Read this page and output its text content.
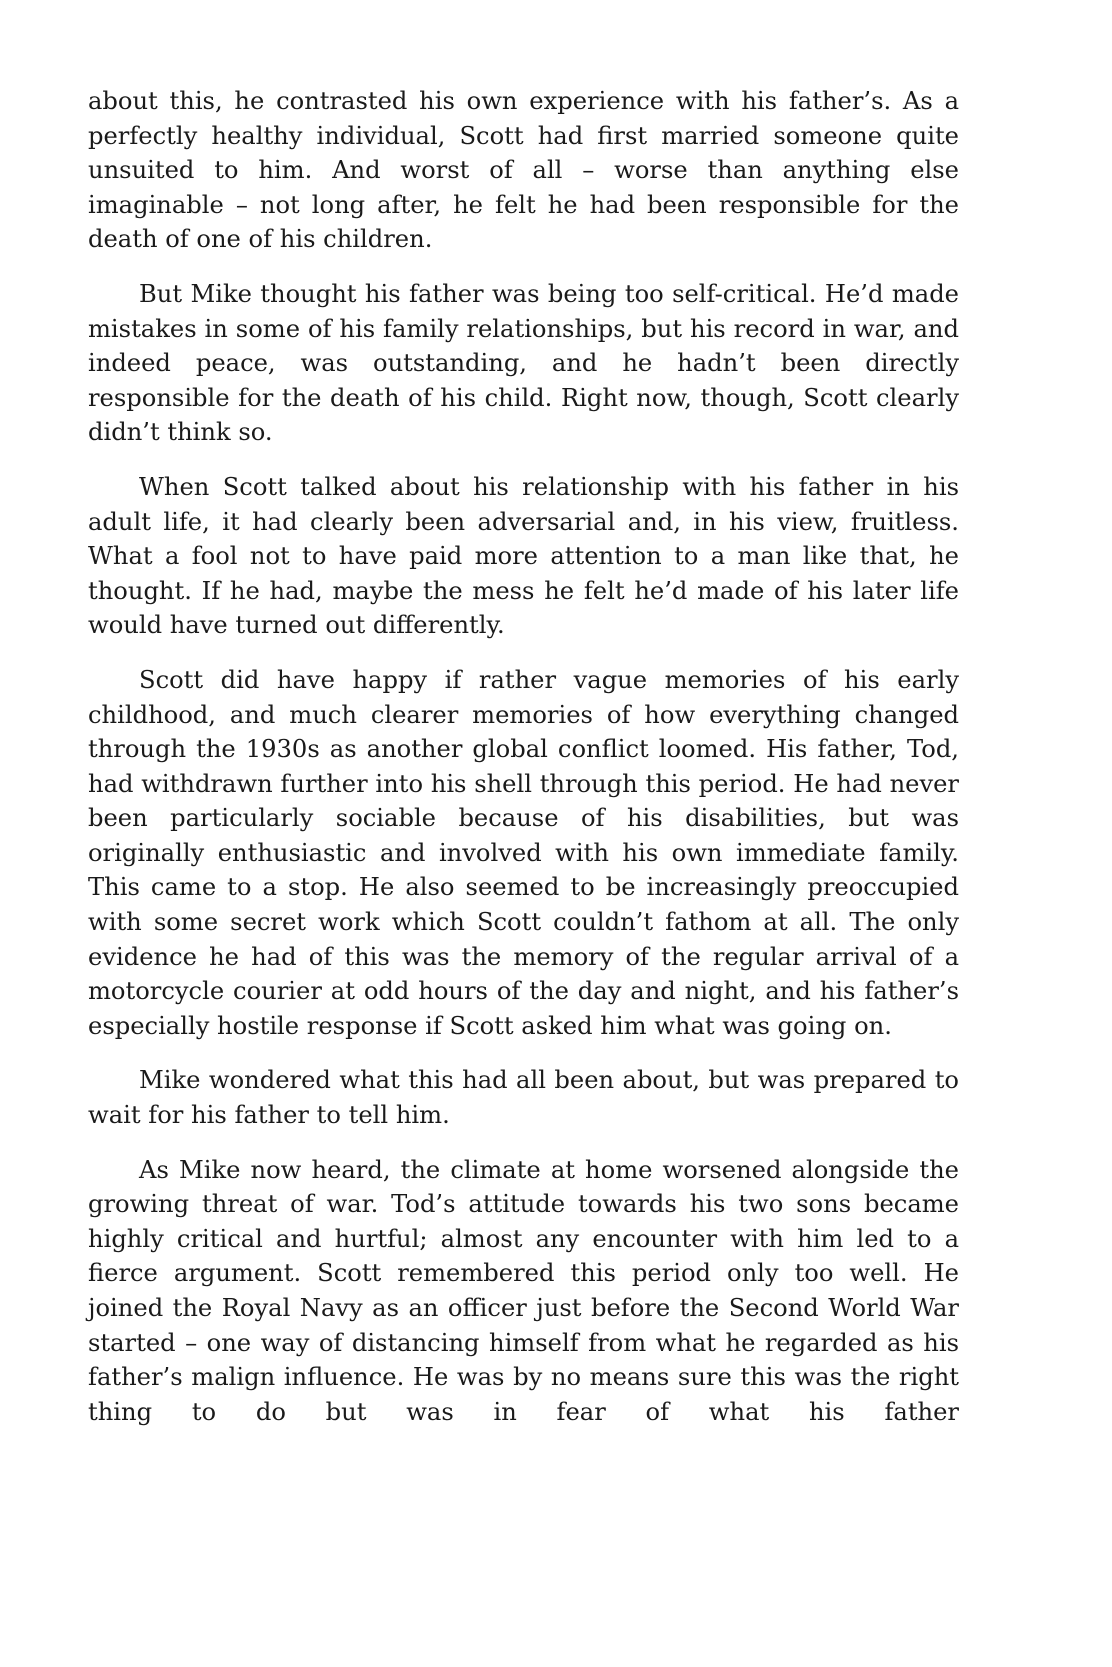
about this, he contrasted his own experience with his father’s. As a perfectly healthy individual, Scott had first married someone quite unsuited to him. And worst of all – worse than anything else imaginable – not long after, he felt he had been responsible for the death of one of his children.

But Mike thought his father was being too self-critical. He’d made mistakes in some of his family relationships, but his record in war, and indeed peace, was outstanding, and he hadn’t been directly responsible for the death of his child. Right now, though, Scott clearly didn’t think so.

When Scott talked about his relationship with his father in his adult life, it had clearly been adversarial and, in his view, fruitless. What a fool not to have paid more attention to a man like that, he thought. If he had, maybe the mess he felt he’d made of his later life would have turned out differently.

Scott did have happy if rather vague memories of his early childhood, and much clearer memories of how everything changed through the 1930s as another global conflict loomed. His father, Tod, had withdrawn further into his shell through this period. He had never been particularly sociable because of his disabilities, but was originally enthusiastic and involved with his own immediate family. This came to a stop. He also seemed to be increasingly preoccupied with some secret work which Scott couldn’t fathom at all. The only evidence he had of this was the memory of the regular arrival of a motorcycle courier at odd hours of the day and night, and his father’s especially hostile response if Scott asked him what was going on.

Mike wondered what this had all been about, but was prepared to wait for his father to tell him.

As Mike now heard, the climate at home worsened alongside the growing threat of war. Tod’s attitude towards his two sons became highly critical and hurtful; almost any encounter with him led to a fierce argument. Scott remembered this period only too well. He joined the Royal Navy as an officer just before the Second World War started – one way of distancing himself from what he regarded as his father’s malign influence. He was by no means sure this was the right thing to do but was in fear of what his father
